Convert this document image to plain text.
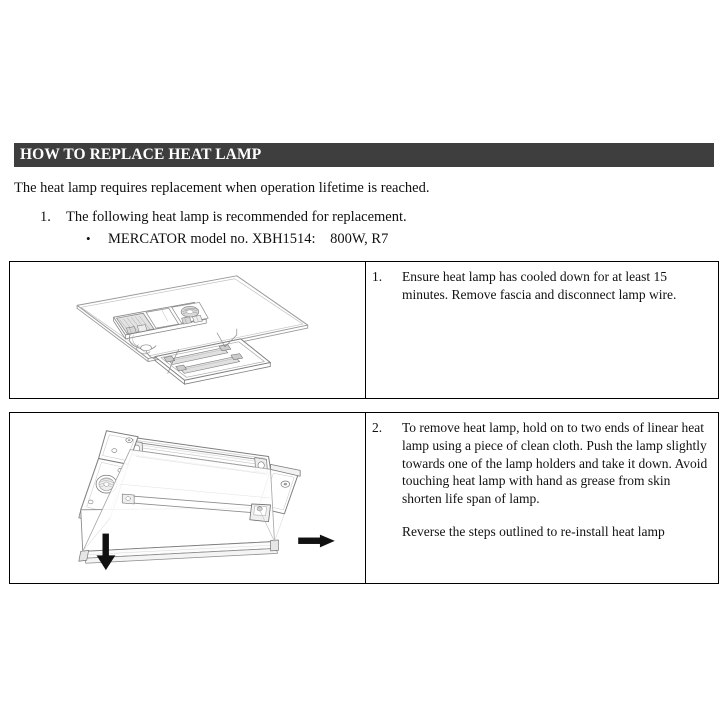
HOW TO REPLACE HEAT LAMP
The heat lamp requires replacement when operation lifetime is reached.
1.	The following heat lamp is recommended for replacement.
•	MERCATOR model no. XBH1514:    800W, R7
1.	Ensure heat lamp has cooled down for at least 15 minutes. Remove fascia and disconnect lamp wire.

2.	To remove heat lamp, hold on to two ends of linear heat lamp using a piece of clean cloth. Push the lamp slightly towards one of the lamp holders and take it down. Avoid touching heat lamp with hand as grease from skin shorten life span of lamp.

Reverse the steps outlined to re-install heat lamp
